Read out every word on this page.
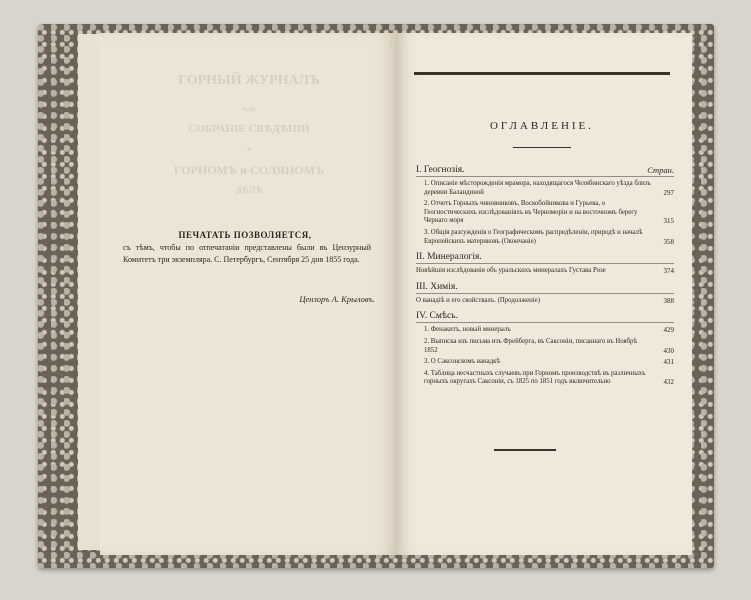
ГОРНЫЙ ЖУРНАЛЪ
или
СОБРАНІЕ СВѢДѢНІЙ
о
ГОРНОМЪ и СОЛЯНОМЪ
ДѢЛѢ
ПЕЧАТАТЬ ПОЗВОЛЯЕТСЯ,
съ тѣмъ, чтобы по отпечатаніи представлены были въ Цензурный Комитетъ три экземпляра. С. Петербургъ, Сентября 25 дня 1855 года.
Цензоръ А. Крыловъ.
ОГЛАВЛЕНІЕ.
I. Геогнозія.	Стран.
1. Описаніе мѣсторожденія мрамора, находящагося Челябинскаго уѣзда близъ деревни Баландиной	297
2. Отчетъ Горныхъ чиновниковъ, Воскобойникова и Гурьева, о Геогностическихъ изслѣдованіяхъ въ Черноморіи и на восточномъ берегу Чернаго моря	315
3. Общія разсужденія о Географическомъ распредѣленіи, природѣ и началѣ Европейскихъ материковъ (Окончаніе)	358
II. Минералогія.
Новѣйшія изслѣдованія объ уральскихъ минералахъ Густава Розе	374
III. Химія.
О ванадіѣ и его свойствахъ. (Продолженіе)	388
IV. Смѣсь.
1. Фенакитъ, новый минералъ	429
2. Выписка изъ письма изъ Фрейберга, въ Саксоніи, писаннаго въ Ноябрѣ 1852	430
3. О Саксонскомъ ванадкѣ	431
4. Таблица несчастныхъ случаевъ при Горномъ производствѣ въ различныхъ горныхъ округахъ Саксоніи, съ 1825 по 1851 годъ включительно	432
